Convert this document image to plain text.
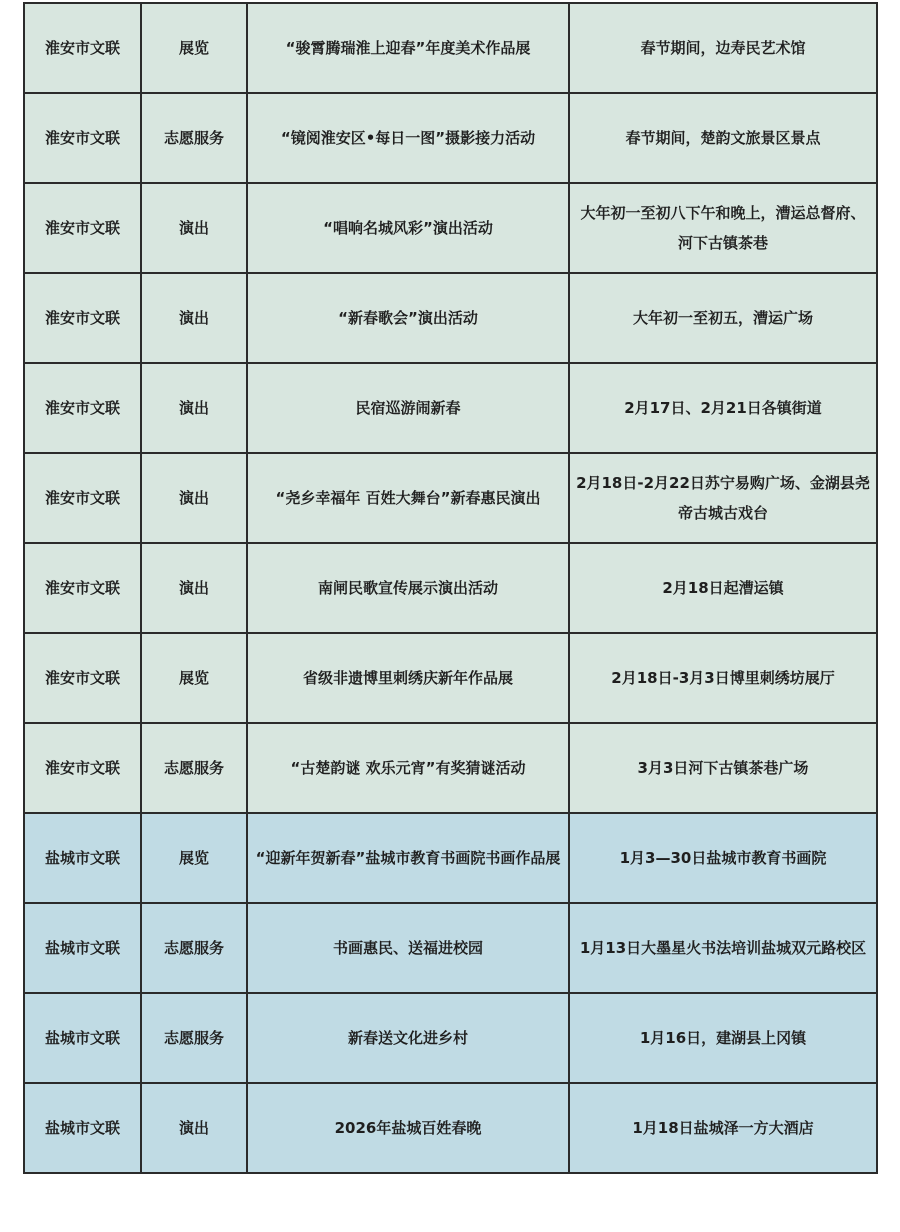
淮安市文联	展览	“骏霄腾瑞淮上迎春”年度美术作品展	春节期间，边寿民艺术馆
淮安市文联	志愿服务	“镜阅淮安区•每日一图”摄影接力活动	春节期间，楚韵文旅景区景点
淮安市文联	演出	“唱响名城风彩”演出活动	大年初一至初八下午和晚上，漕运总督府、河下古镇茶巷
淮安市文联	演出	“新春歌会”演出活动	大年初一至初五，漕运广场
淮安市文联	演出	民宿巡游闹新春	2月17日、2月21日各镇街道
淮安市文联	演出	“尧乡幸福年 百姓大舞台”新春惠民演出	2月18日-2月22日苏宁易购广场、金湖县尧帝古城古戏台
淮安市文联	演出	南闸民歌宣传展示演出活动	2月18日起漕运镇
淮安市文联	展览	省级非遗博里刺绣庆新年作品展	2月18日-3月3日博里刺绣坊展厅
淮安市文联	志愿服务	“古楚韵谜 欢乐元宵”有奖猜谜活动	3月3日河下古镇茶巷广场
盐城市文联	展览	“迎新年贺新春”盐城市教育书画院书画作品展	1月3—30日盐城市教育书画院
盐城市文联	志愿服务	书画惠民、送福进校园	1月13日大墨星火书法培训盐城双元路校区
盐城市文联	志愿服务	新春送文化进乡村	1月16日，建湖县上冈镇
盐城市文联	演出	2026年盐城百姓春晚	1月18日盐城泽一方大酒店
